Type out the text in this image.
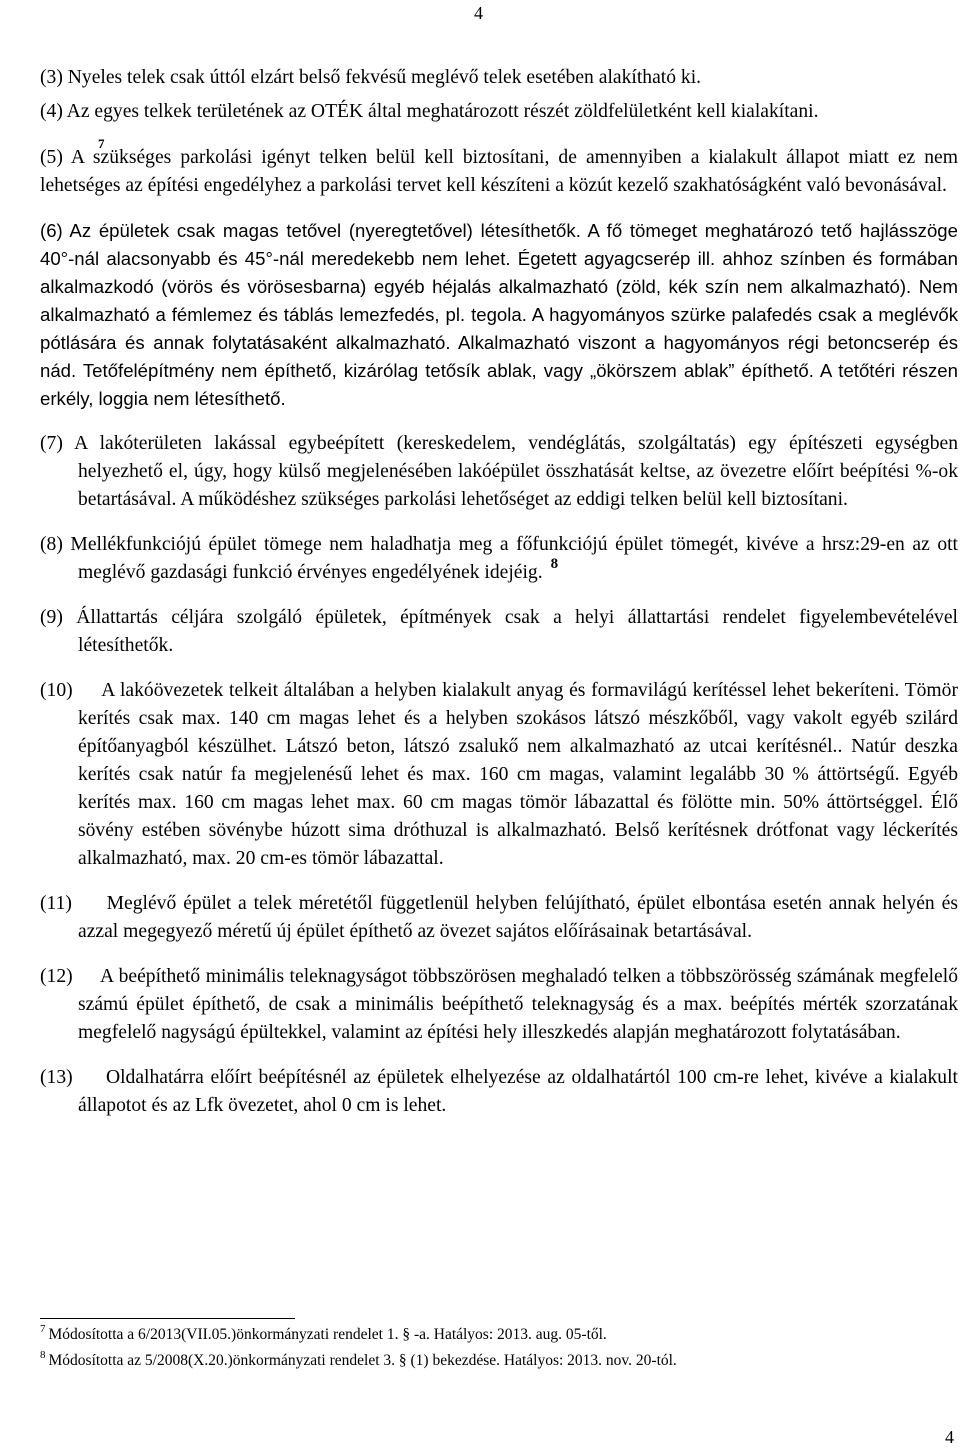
4

(3) Nyeles telek csak úttól elzárt belső fekvésű meglévő telek esetében alakítható ki.

(4) Az egyes telkek területének az OTÉK által meghatározott részét zöldfelületként kell kialakítani.

(5) A szükséges parkolási igényt telken belül kell biztosítani, de amennyiben a kialakult állapot miatt ez nem lehetséges az építési engedélyhez a parkolási tervet kell készíteni a közút kezelő szakhatóságként való bevonásával.

(6) Az épületek csak magas tetővel (nyeregtetővel) létesíthetők. A fő tömeget meghatározó tető hajlásszöge 40°-nál alacsonyabb és 45°-nál meredekebb nem lehet. Égetett agyagcserép ill. ahhoz színben és formában alkalmazkodó (vörös és vörösesbarna) egyéb héjalás alkalmazható (zöld, kék szín nem alkalmazható). Nem alkalmazható a fémlemez és táblás lemezfedés, pl. tegola. A hagyományos szürke palafedés csak a meglévők pótlására és annak folytatásaként alkalmazható. Alkalmazható viszont a hagyományos régi betoncserép és nád. Tetőfelépítmény nem építhető, kizárólag tetősík ablak, vagy „ökörszem ablak” építhető. A tetőtéri részen erkély, loggia nem létesíthető.

(7) A lakóterületen lakással egybeépített (kereskedelem, vendéglátás, szolgáltatás) egy építészeti egységben helyezhető el, úgy, hogy külső megjelenésében lakóépület összhatását keltse, az övezetre előírt beépítési %-ok betartásával. A működéshez szükséges parkolási lehetőséget az eddigi telken belül kell biztosítani.

(8) Mellékfunkciójú épület tömege nem haladhatja meg a főfunkciójú épület tömegét, kivéve a hrsz:29-en az ott meglévő gazdasági funkció érvényes engedélyének idejéig. $^8$

(9) Állattartás céljára szolgáló épületek, építmények csak a helyi állattartási rendelet figyelembevételével létesíthetők.

(10)     A lakóövezetek telkeit általában a helyben kialakult anyag és formavilágú kerítéssel lehet bekeríteni. Tömör kerítés csak max. 140 cm magas lehet és a helyben szokásos látszó mészkőből, vagy vakolt egyéb szilárd építőanyagból készülhet. Látszó beton, látszó zsalukő nem alkalmazható az utcai kerítésnél.. Natúr deszka kerítés csak natúr fa megjelenésű lehet és max. 160 cm magas, valamint legalább 30 % áttörtségű. Egyéb kerítés max. 160 cm magas lehet max. 60 cm magas tömör lábazattal és fölötte min. 50% áttörtséggel. Élő sövény estében sövénybe húzott sima dróthuzal is alkalmazható. Belső kerítésnek drótfonat vagy léckerítés alkalmazható, max. 20 cm-es tömör lábazattal.

(11)     Meglévő épület a telek méretétől függetlenül helyben felújítható, épület elbontása esetén annak helyén és azzal megegyező méretű új épület építhető az övezet sajátos előírásainak betartásával.

(12)     A beépíthető minimális teleknagyságot többszörösen meghaladó telken a többszörösség számának megfelelő számú épület építhető, de csak a minimális beépíthető teleknagyság és a max. beépítés mérték szorzatának megfelelő nagyságú épültekkel, valamint az építési hely illeszkedés alapján meghatározott folytatásában.

(13)     Oldalhatárra előírt beépítésnél az épületek elhelyezése az oldalhatártól 100 cm-re lehet, kivéve a kialakult állapotot és az Lfk övezetet, ahol 0 cm is lehet.

7

$^7$ Módosította a 6/2013(VII.05.)önkormányzati rendelet 1. § -a. Hatályos: 2013. aug. 05-től.

$^8$ Módosította az 5/2008(X.20.)önkormányzati rendelet 3. § (1) bekezdése. Hatályos: 2013. nov. 20-tól.

4
